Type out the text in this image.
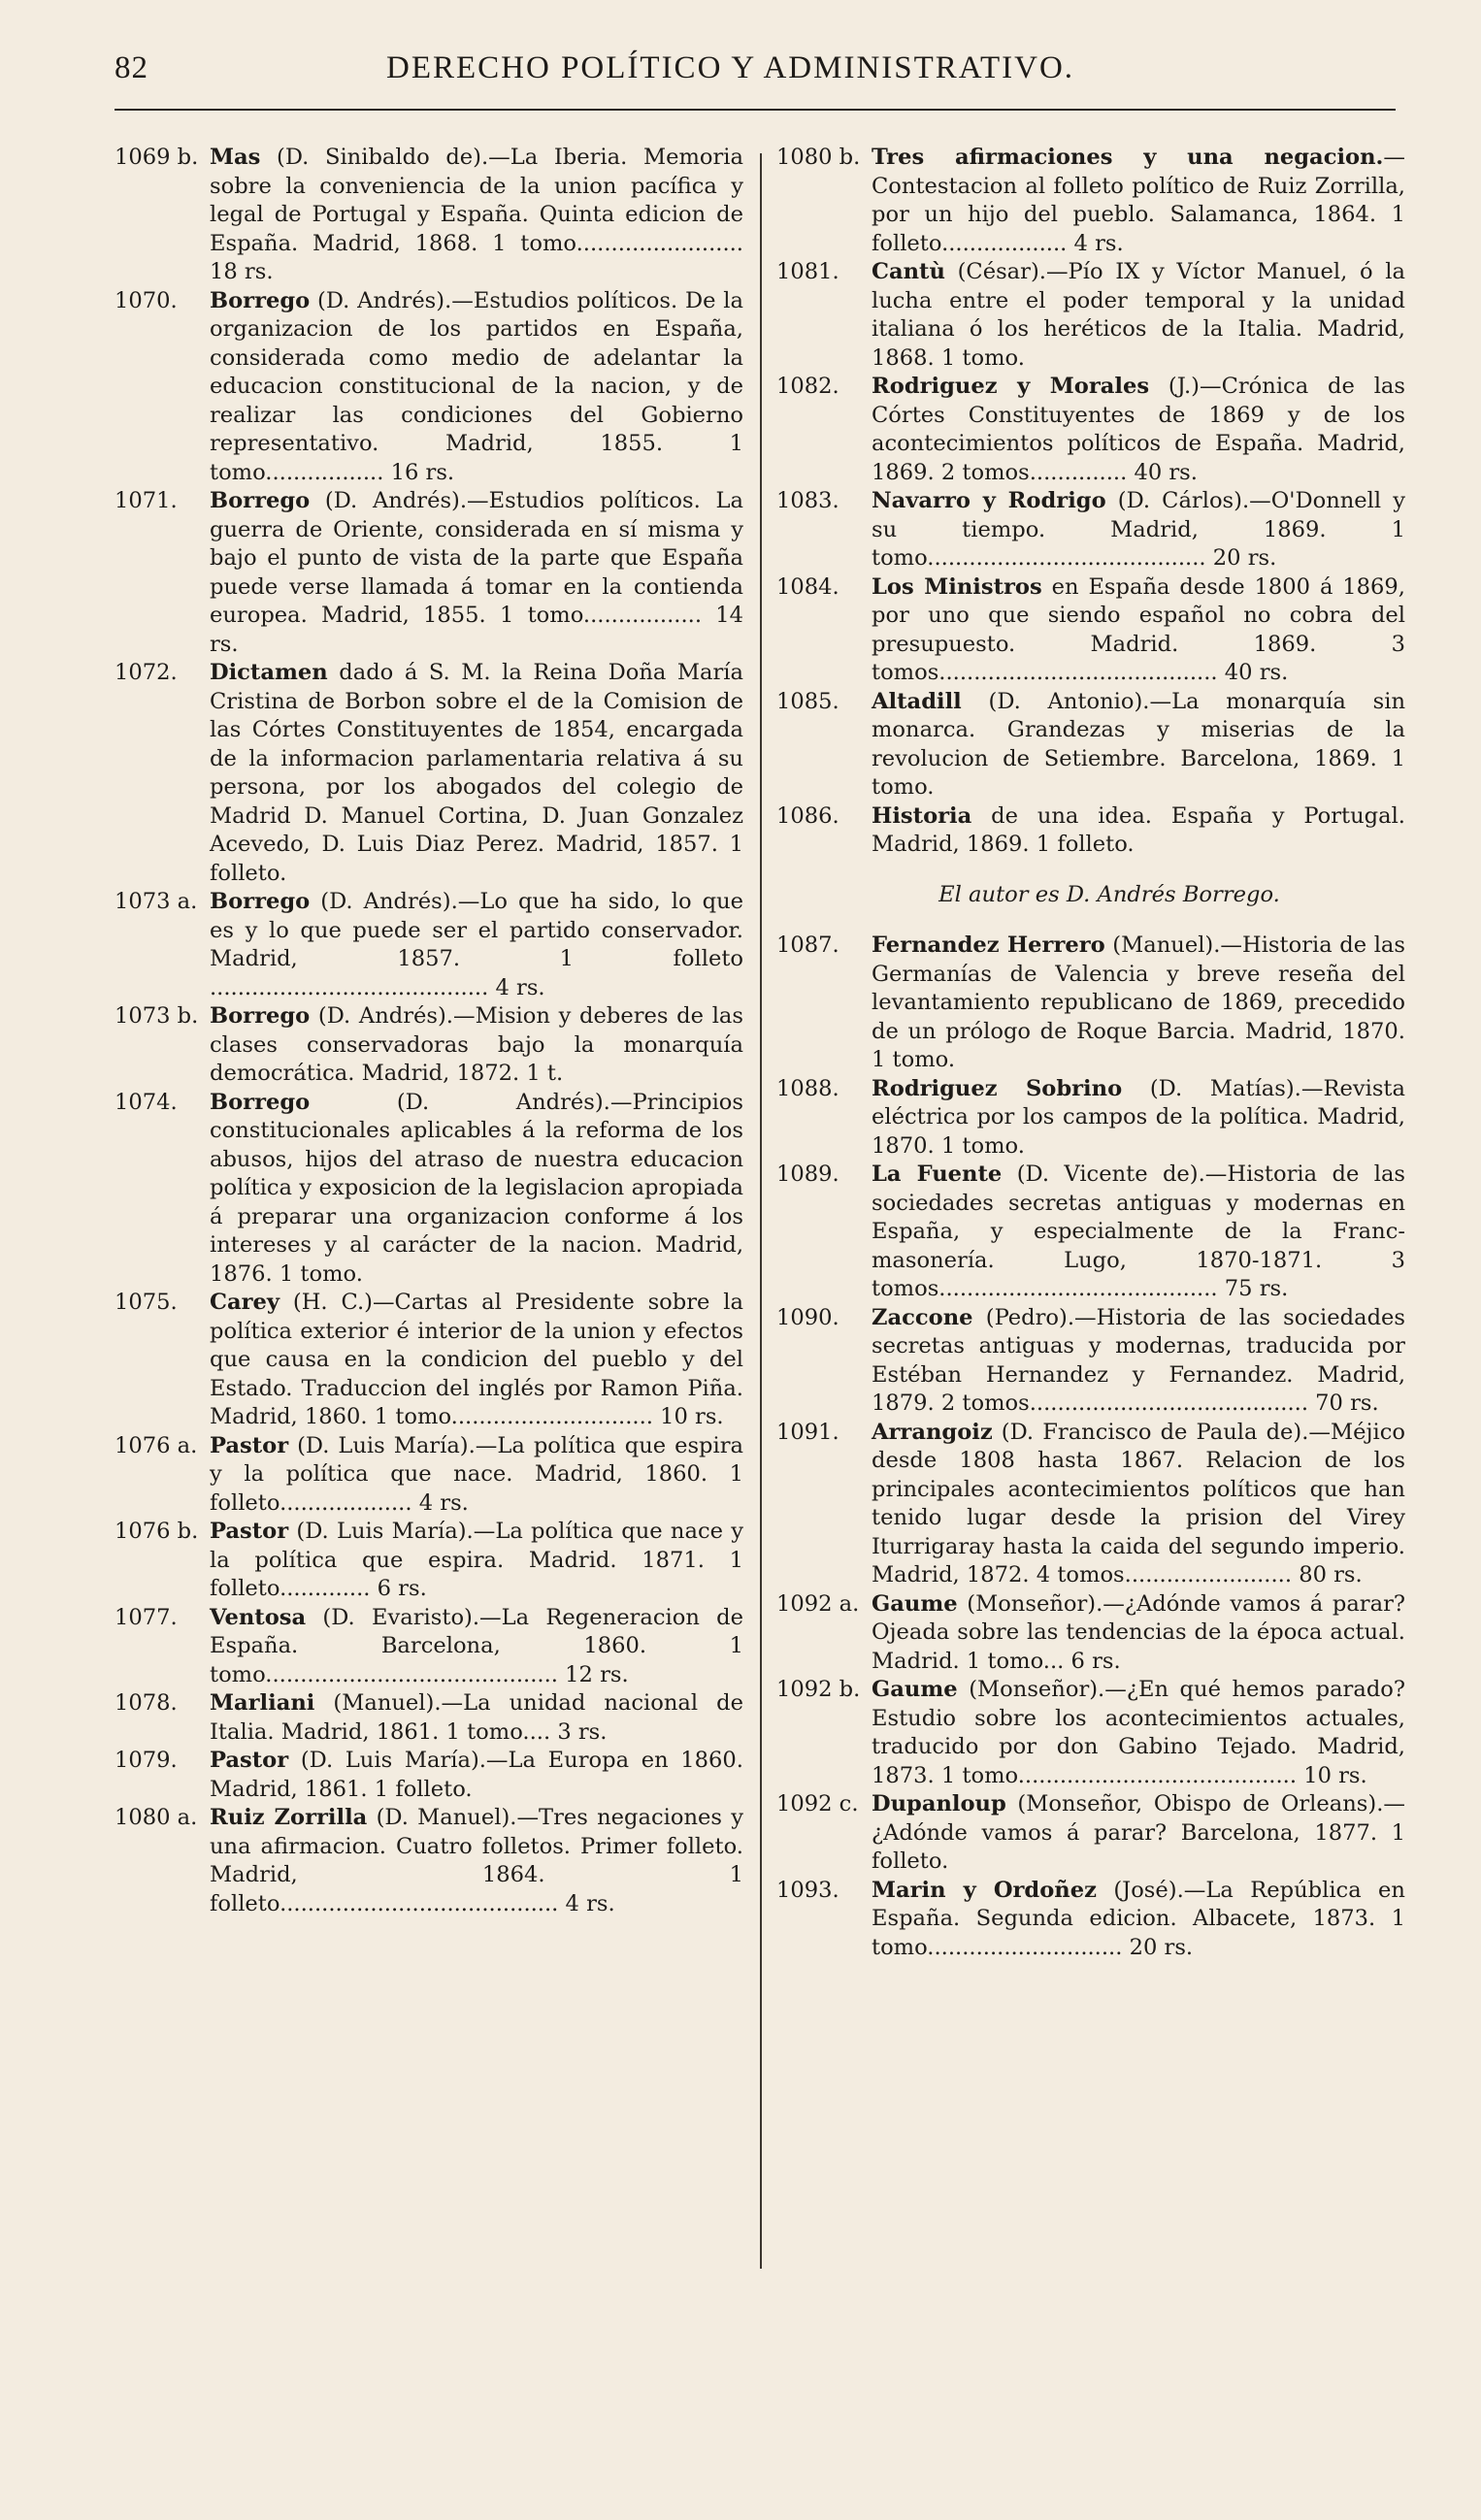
82	DERECHO POLÍTICO Y ADMINISTRATIVO.

1069 b. Mas (D. Sinibaldo de).—La Iberia. Memoria sobre la conveniencia de la union pacífica y legal de Portugal y España. Quinta edicion de España. Madrid, 1868. 1 tomo........................ 18 rs.

1070. Borrego (D. Andrés).—Estudios políticos. De la organizacion de los partidos en España, considerada como medio de adelantar la educacion constitucional de la nacion, y de realizar las condiciones del Gobierno representativo. Madrid, 1855. 1 tomo................. 16 rs.

1071. Borrego (D. Andrés).—Estudios políticos. La guerra de Oriente, considerada en sí misma y bajo el punto de vista de la parte que España puede verse llamada á tomar en la contienda europea. Madrid, 1855. 1 tomo................. 14 rs.

1072. Dictamen dado á S. M. la Reina Doña María Cristina de Borbon sobre el de la Comision de las Córtes Constituyentes de 1854, encargada de la informacion parlamentaria relativa á su persona, por los abogados del colegio de Madrid D. Manuel Cortina, D. Juan Gonzalez Acevedo, D. Luis Diaz Perez. Madrid, 1857. 1 folleto.

1073 a. Borrego (D. Andrés).—Lo que ha sido, lo que es y lo que puede ser el partido conservador. Madrid, 1857. 1 folleto ........................................ 4 rs.

1073 b. Borrego (D. Andrés).—Mision y deberes de las clases conservadoras bajo la monarquía democrática. Madrid, 1872. 1 t.

1074. Borrego (D. Andrés).—Principios constitucionales aplicables á la reforma de los abusos, hijos del atraso de nuestra educacion política y exposicion de la legislacion apropiada á preparar una organizacion conforme á los intereses y al carácter de la nacion. Madrid, 1876. 1 tomo.

1075. Carey (H. C.)—Cartas al Presidente sobre la política exterior é interior de la union y efectos que causa en la condicion del pueblo y del Estado. Traduccion del inglés por Ramon Piña. Madrid, 1860. 1 tomo............................. 10 rs.

1076 a. Pastor (D. Luis María).—La política que espira y la política que nace. Madrid, 1860. 1 folleto................... 4 rs.

1076 b. Pastor (D. Luis María).—La política que nace y la política que espira. Madrid. 1871. 1 folleto............. 6 rs.

1077. Ventosa (D. Evaristo).—La Regeneracion de España. Barcelona, 1860. 1 tomo.......................................... 12 rs.

1078. Marliani (Manuel).—La unidad nacional de Italia. Madrid, 1861. 1 tomo.... 3 rs.

1079. Pastor (D. Luis María).—La Europa en 1860. Madrid, 1861. 1 folleto.

1080 a. Ruiz Zorrilla (D. Manuel).—Tres negaciones y una afirmacion. Cuatro folletos. Primer folleto. Madrid, 1864. 1 folleto........................................ 4 rs.

1080 b. Tres afirmaciones y una negacion.— Contestacion al folleto político de Ruiz Zorrilla, por un hijo del pueblo. Salamanca, 1864. 1 folleto.................. 4 rs.

1081. Cantù (César).—Pío IX y Víctor Manuel, ó la lucha entre el poder temporal y la unidad italiana ó los heréticos de la Italia. Madrid, 1868. 1 tomo.

1082. Rodriguez y Morales (J.)—Crónica de las Córtes Constituyentes de 1869 y de los acontecimientos políticos de España. Madrid, 1869. 2 tomos.............. 40 rs.

1083. Navarro y Rodrigo (D. Cárlos).—O'Donnell y su tiempo. Madrid, 1869. 1 tomo........................................ 20 rs.

1084. Los Ministros en España desde 1800 á 1869, por uno que siendo español no cobra del presupuesto. Madrid. 1869. 3 tomos........................................ 40 rs.

1085. Altadill (D. Antonio).—La monarquía sin monarca. Grandezas y miserias de la revolucion de Setiembre. Barcelona, 1869. 1 tomo.

1086. Historia de una idea. España y Portugal. Madrid, 1869. 1 folleto.

El autor es D. Andrés Borrego.

1087. Fernandez Herrero (Manuel).—Historia de las Germanías de Valencia y breve reseña del levantamiento republicano de 1869, precedido de un prólogo de Roque Barcia. Madrid, 1870. 1 tomo.

1088. Rodriguez Sobrino (D. Matías).—Revista eléctrica por los campos de la política. Madrid, 1870. 1 tomo.

1089. La Fuente (D. Vicente de).—Historia de las sociedades secretas antiguas y modernas en España, y especialmente de la Franc-masonería. Lugo, 1870-1871. 3 tomos........................................ 75 rs.

1090. Zaccone (Pedro).—Historia de las sociedades secretas antiguas y modernas, traducida por Estéban Hernandez y Fernandez. Madrid, 1879. 2 tomos........................................ 70 rs.

1091. Arrangoiz (D. Francisco de Paula de).—Méjico desde 1808 hasta 1867. Relacion de los principales acontecimientos políticos que han tenido lugar desde la prision del Virey Iturrigaray hasta la caida del segundo imperio. Madrid, 1872. 4 tomos........................ 80 rs.

1092 a. Gaume (Monseñor).—¿Adónde vamos á parar? Ojeada sobre las tendencias de la época actual. Madrid. 1 tomo... 6 rs.

1092 b. Gaume (Monseñor).—¿En qué hemos parado? Estudio sobre los acontecimientos actuales, traducido por don Gabino Tejado. Madrid, 1873. 1 tomo........................................ 10 rs.

1092 c. Dupanloup (Monseñor, Obispo de Orleans).—¿Adónde vamos á parar? Barcelona, 1877. 1 folleto.

1093. Marin y Ordoñez (José).—La República en España. Segunda edicion. Albacete, 1873. 1 tomo............................ 20 rs.
